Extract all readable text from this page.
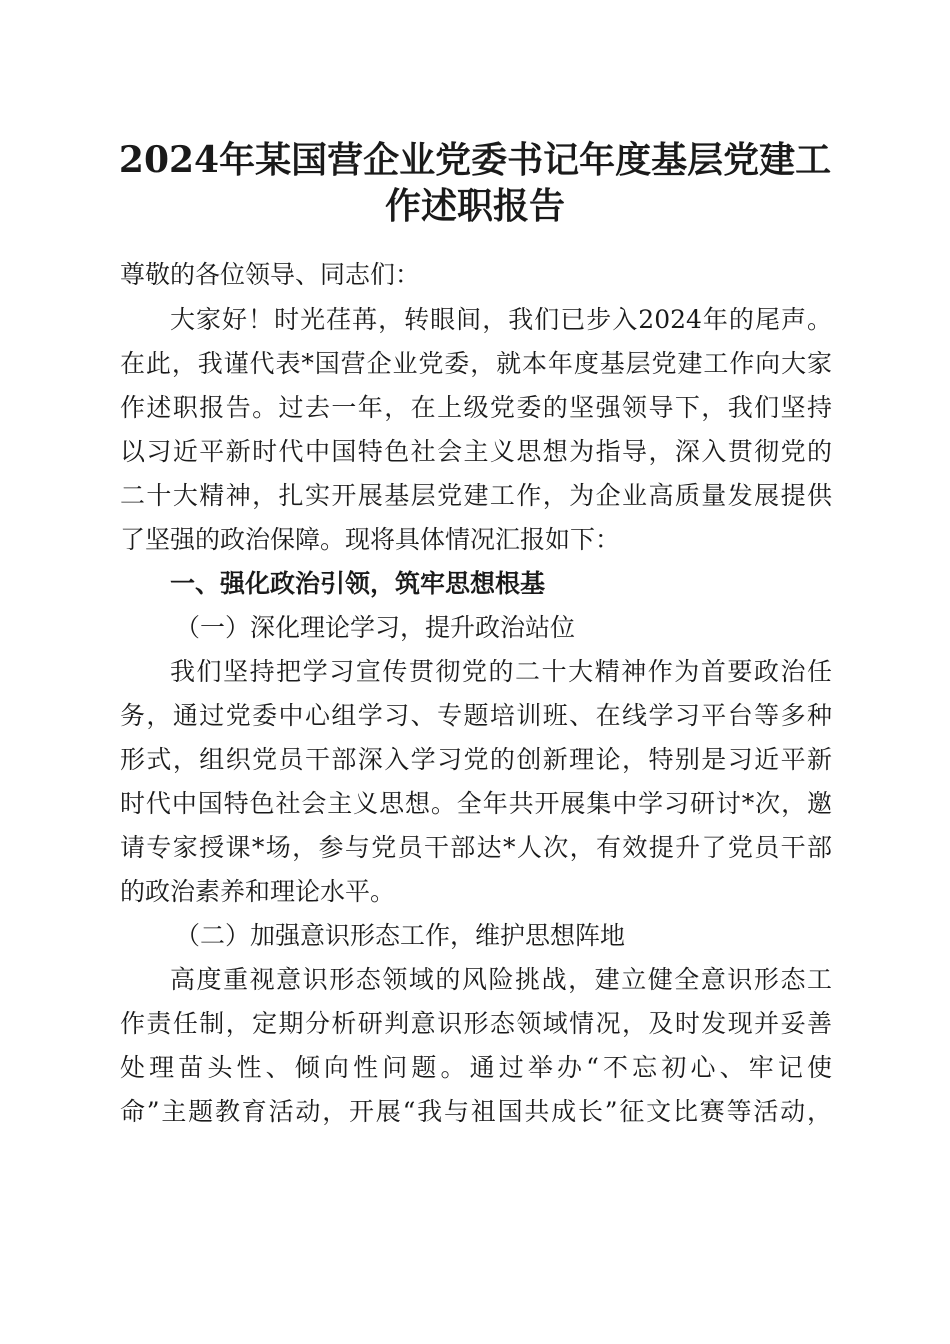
2024年某国营企业党委书记年度基层党建工
作述职报告

尊敬的各位领导、同志们：

大家好！时光荏苒，转眼间，我们已步入2024年的尾声。

在此，我谨代表*国营企业党委，就本年度基层党建工作向大家

作述职报告。过去一年，在上级党委的坚强领导下，我们坚持

以习近平新时代中国特色社会主义思想为指导，深入贯彻党的

二十大精神，扎实开展基层党建工作，为企业高质量发展提供

了坚强的政治保障。现将具体情况汇报如下：

一、强化政治引领，筑牢思想根基

（一）深化理论学习，提升政治站位

我们坚持把学习宣传贯彻党的二十大精神作为首要政治任

务，通过党委中心组学习、专题培训班、在线学习平台等多种

形式，组织党员干部深入学习党的创新理论，特别是习近平新

时代中国特色社会主义思想。全年共开展集中学习研讨*次，邀

请专家授课*场，参与党员干部达*人次，有效提升了党员干部

的政治素养和理论水平。

（二）加强意识形态工作，维护思想阵地

高度重视意识形态领域的风险挑战，建立健全意识形态工

作责任制，定期分析研判意识形态领域情况，及时发现并妥善

处理苗头性、倾向性问题。通过举办“不忘初心、牢记使

命”主题教育活动，开展“我与祖国共成长”征文比赛等活动，
